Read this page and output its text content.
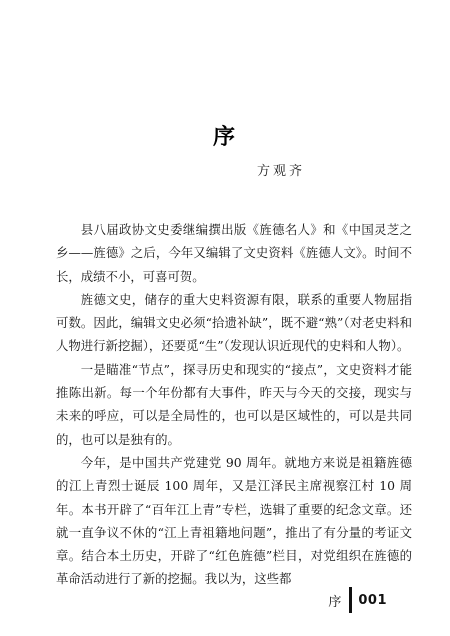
序
方观齐

县八届政协文史委继编撰出版《旌德名人》和《中国灵芝之乡——旌德》之后，今年又编辑了文史资料《旌德人文》。时间不长，成绩不小，可喜可贺。

旌德文史，储存的重大史料资源有限，联系的重要人物屈指可数。因此，编辑文史必须“拾遗补缺”，既不避“熟”（对老史料和人物进行新挖掘），还要觅“生”（发现认识近现代的史料和人物）。

一是瞄准“节点”，探寻历史和现实的“接点”，文史资料才能推陈出新。每一个年份都有大事件，昨天与今天的交接，现实与未来的呼应，可以是全局性的，也可以是区域性的，可以是共同的，也可以是独有的。

今年，是中国共产党建党 90 周年。就地方来说是祖籍旌德的江上青烈士诞辰 100 周年，又是江泽民主席视察江村 10 周年。本书开辟了“百年江上青”专栏，选辑了重要的纪念文章。还就一直争议不休的“江上青祖籍地问题”，推出了有分量的考证文章。结合本土历史，开辟了“红色旌德”栏目，对党组织在旌德的革命活动进行了新的挖掘。我以为，这些都

序 001
